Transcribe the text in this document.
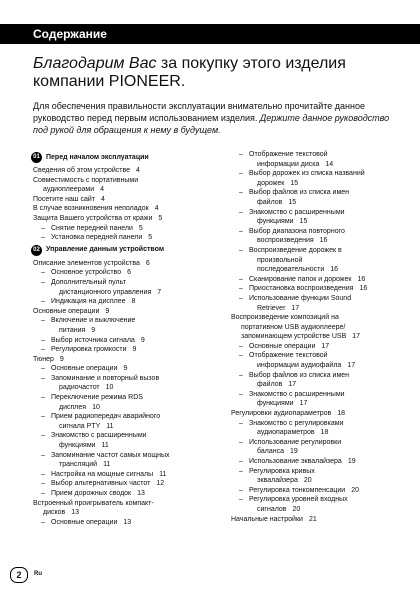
Содержание

Благодарим Вас за покупку этого изделия компании PIONEER.

Для обеспечения правильности эксплуатации внимательно прочитайте данное руководство перед первым использованием изделия. Держите данное руководство под рукой для обращения к нему в будущем.
01 Перед началом эксплуатации
Сведения об этом устройстве 4
Совместимость с портативными
аудиоплеерами 4
Посетите наш сайт 4
В случае возникновения неполадок 4
Защита Вашего устройства от кражи 5
– Снятие передней панели 5
– Установка передней панели 5
02 Управление данным устройством
Описание элементов устройства 6
– Основное устройство 6
– Дополнительный пульт
дистанционного управления 7
– Индикация на дисплее 8
Основные операции 9
– Включение и выключение
питания 9
– Выбор источника сигнала 9
– Регулировка громкости 9
Тюнер 9
– Основные операции 9
– Запоминание и повторный вызов
радиочастот 10
– Переключение режима RDS
дисплея 10
– Прием радиопередач аварийного
сигнала PTY 11
– Знакомство с расширенными
функциями 11
– Запоминание частот самых мощных
трансляций 11
– Настройка на мощные сигналы 11
– Выбор альтернативных частот 12
– Прием дорожных сводок 13
Встроенный проигрыватель компакт-
дисков 13
– Основные операции 13
– Отображение текстовой
информации диска 14
– Выбор дорожек из списка названий
дорожек 15
– Выбор файлов из списка имен
файлов 15
– Знакомство с расширенными
функциями 15
– Выбор диапазона повторного
воспроизведения 16
– Воспроизведение дорожек в
произвольной
последовательности 16
– Сканирование папок и дорожек 16
– Приостановка воспроизведения 16
– Использование функции Sound
Retriever 17
Воспроизведение композиций на
портативном USB аудиоплеере/
запоминающем устройстве USB 17
– Основные операции 17
– Отображение текстовой
информации аудиофайла 17
– Выбор файлов из списка имен
файлов 17
– Знакомство с расширенными
функциями 17
Регулировки аудиопараметров 18
– Знакомство с регулировками
аудиопараметров 18
– Использование регулировки
баланса 19
– Использование эквалайзера 19
– Регулировка кривых
эквалайзера 20
– Регулировка тонкомпенсации 20
– Регулировка уровней входных
сигналов 20
Начальные настройки 21
2	Ru
